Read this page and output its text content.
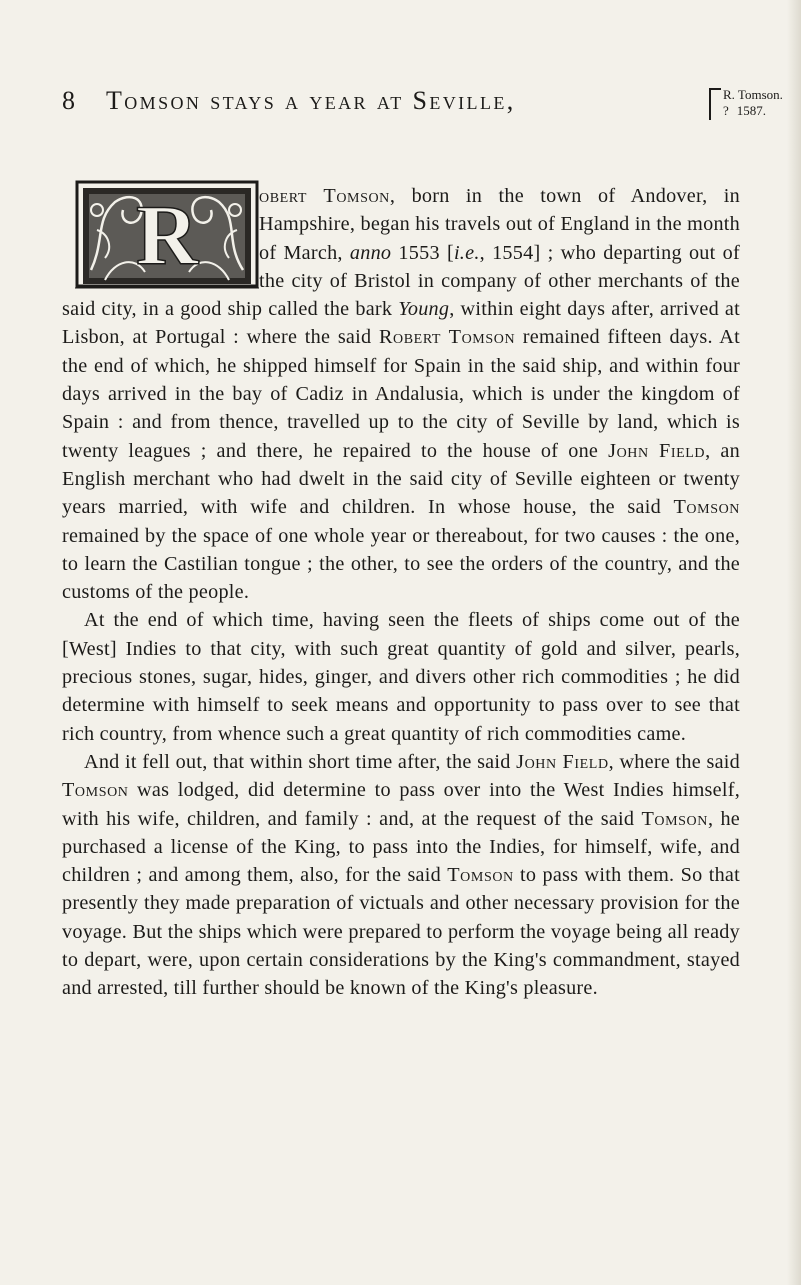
8 Tomson stays a year at Seville,	R. Tomson.
? 1587.
R	obert Tomson, born in the town of Andover, in Hampshire, began his travels out of England in the month of March, anno 1553 [i.e., 1554] ; who departing out of the city of Bristol in company of other merchants of the said city, in a good ship called the bark Young, within eight days after, arrived at Lisbon, at Portugal : where the said Robert Tomson remained fifteen days. At the end of which, he shipped himself for Spain in the said ship, and within four days arrived in the bay of Cadiz in Andalusia, which is under the kingdom of Spain : and from thence, travelled up to the city of Seville by land, which is twenty leagues ; and there, he repaired to the house of one John Field, an English merchant who had dwelt in the said city of Seville eighteen or twenty years married, with wife and children. In whose house, the said Tomson remained by the space of one whole year or thereabout, for two causes : the one, to learn the Castilian tongue ; the other, to see the orders of the country, and the customs of the people.

At the end of which time, having seen the fleets of ships come out of the [West] Indies to that city, with such great quantity of gold and silver, pearls, precious stones, sugar, hides, ginger, and divers other rich commodities ; he did determine with himself to seek means and opportunity to pass over to see that rich country, from whence such a great quantity of rich commodities came.

And it fell out, that within short time after, the said John Field, where the said Tomson was lodged, did determine to pass over into the West Indies himself, with his wife, children, and family : and, at the request of the said Tomson, he purchased a license of the King, to pass into the Indies, for himself, wife, and children ; and among them, also, for the said Tomson to pass with them. So that presently they made preparation of victuals and other necessary provision for the voyage. But the ships which were prepared to perform the voyage being all ready to depart, were, upon certain considerations by the King's commandment, stayed and arrested, till further should be known of the King's pleasure.
